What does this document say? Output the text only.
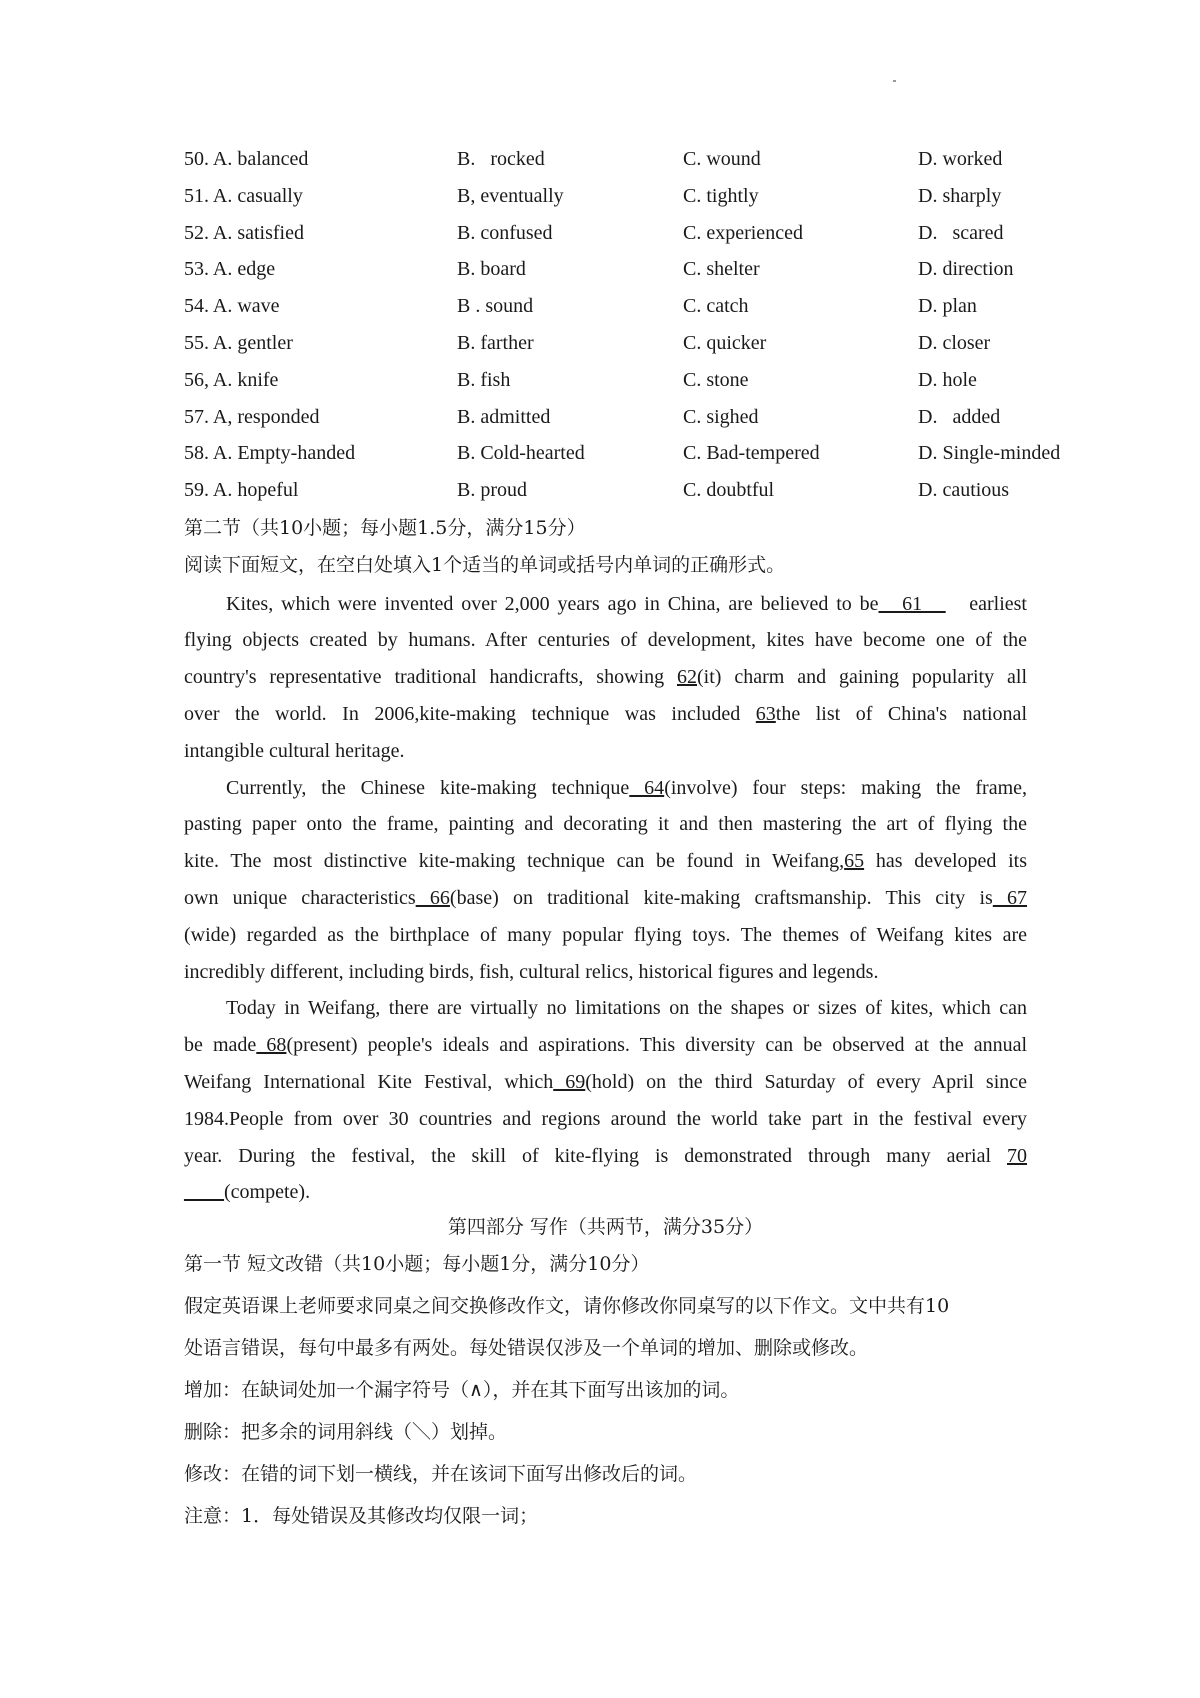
50. A. balanced	B.   rocked	C. wound	D. worked
51. A. casually	B, eventually	C. tightly	D. sharply
52. A. satisfied	B. confused	C. experienced	D.   scared
53. A. edge	B. board	C. shelter	D. direction
54. A. wave	B . sound	C. catch	D. plan
55. A. gentler	B. farther	C. quicker	D. closer
56, A. knife	B. fish	C. stone	D. hole
57. A, responded	B. admitted	C. sighed	D.   added
58. A. Empty-handed	B. Cold-hearted	C. Bad-tempered	D. Single-minded
59. A. hopeful	B. proud	C. doubtful	D. cautious
第二节（共10小题；每小题1.5分，满分15分）
阅读下面短文，在空白处填入1个适当的单词或括号内单词的正确形式。
Kites, which were invented over 2,000 years ago in China, are believed to be   61      earliest
flying objects created by humans. After centuries of development, kites have become one of the
country's representative traditional handicrafts, showing 62(it) charm and gaining popularity all
over the world. In 2006,kite-making technique was included 63the list of China's national
intangible cultural heritage.
Currently, the Chinese kite-making technique 64(involve) four steps: making the frame,
pasting paper onto the frame, painting and decorating it and then mastering the art of flying the
kite. The most distinctive kite-making technique can be found in Weifang,65 has developed its
own unique characteristics 66(base) on traditional kite-making craftsmanship. This city is 67
(wide) regarded as the birthplace of many popular flying toys. The themes of Weifang kites are
incredibly different, including birds, fish, cultural relics, historical figures and legends.
Today in Weifang, there are virtually no limitations on the shapes or sizes of kites, which can
be made 68(present) people's ideals and aspirations. This diversity can be observed at the annual
Weifang International Kite Festival, which 69(hold) on the third Saturday of every April since
1984.People from over 30 countries and regions around the world take part in the festival every
year. During the festival, the skill of kite-flying is demonstrated through many aerial 70
____(compete).
第四部分 写作（共两节，满分35分）
第一节 短文改错（共10小题；每小题1分，满分10分）
假定英语课上老师要求同桌之间交换修改作文，请你修改你同桌写的以下作文。文中共有10
处语言错误，每句中最多有两处。每处错误仅涉及一个单词的增加、删除或修改。
增加：在缺词处加一个漏字符号（∧），并在其下面写出该加的词。
删除：把多余的词用斜线（＼）划掉。
修改：在错的词下划一横线，并在该词下面写出修改后的词。
注意：1．每处错误及其修改均仅限一词；
